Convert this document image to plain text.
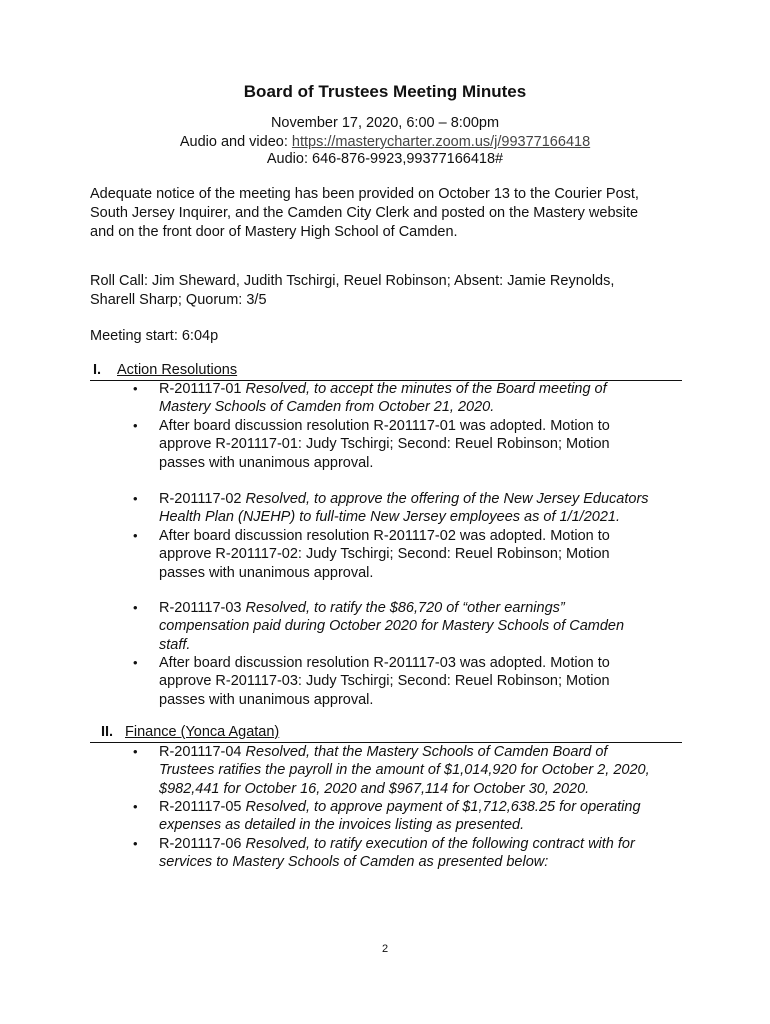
Board of Trustees Meeting Minutes
November 17, 2020, 6:00 – 8:00pm
Audio and video: https://masterycharter.zoom.us/j/99377166418
Audio: 646-876-9923,99377166418#
Adequate notice of the meeting has been provided on October 13 to the Courier Post,
South Jersey Inquirer, and the Camden City Clerk and posted on the Mastery website
and on the front door of Mastery High School of Camden.
Roll Call: Jim Sheward, Judith Tschirgi, Reuel Robinson; Absent: Jamie Reynolds,
Sharell Sharp; Quorum: 3/5
Meeting start: 6:04p
I. Action Resolutions
• R-201117-01 Resolved, to accept the minutes of the Board meeting of
Mastery Schools of Camden from October 21, 2020.
• After board discussion resolution R-201117-01 was adopted. Motion to
approve R-201117-01: Judy Tschirgi; Second: Reuel Robinson; Motion
passes with unanimous approval.
• R-201117-02 Resolved, to approve the offering of the New Jersey Educators
Health Plan (NJEHP) to full-time New Jersey employees as of 1/1/2021.
• After board discussion resolution R-201117-02 was adopted. Motion to
approve R-201117-02: Judy Tschirgi; Second: Reuel Robinson; Motion
passes with unanimous approval.
• R-201117-03 Resolved, to ratify the $86,720 of “other earnings”
compensation paid during October 2020 for Mastery Schools of Camden
staff.
• After board discussion resolution R-201117-03 was adopted. Motion to
approve R-201117-03: Judy Tschirgi; Second: Reuel Robinson; Motion
passes with unanimous approval.
II. Finance (Yonca Agatan)
• R-201117-04 Resolved, that the Mastery Schools of Camden Board of
Trustees ratifies the payroll in the amount of $1,014,920 for October 2, 2020,
$982,441 for October 16, 2020 and $967,114 for October 30, 2020.
• R-201117-05 Resolved, to approve payment of $1,712,638.25 for operating
expenses as detailed in the invoices listing as presented.
• R-201117-06 Resolved, to ratify execution of the following contract with for
services to Mastery Schools of Camden as presented below:
2
